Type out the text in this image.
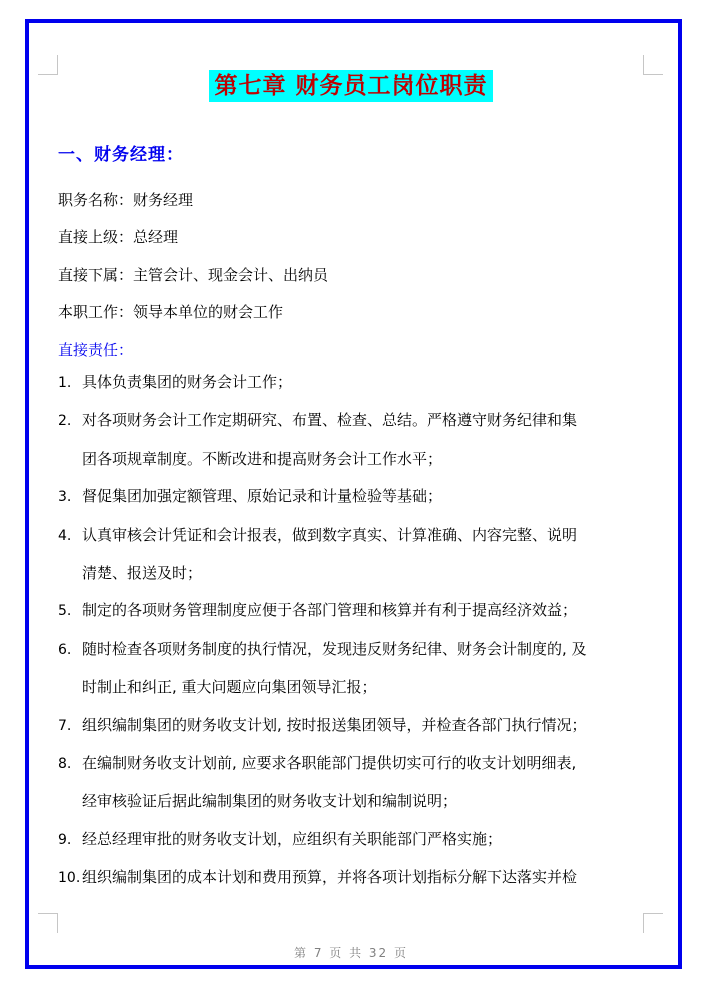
第七章 财务员工岗位职责
一、财务经理：
职务名称：财务经理
直接上级：总经理
直接下属：主管会计、现金会计、出纳员
本职工作：领导本单位的财会工作
直接责任：
1. 具体负责集团的财务会计工作；
2. 对各项财务会计工作定期研究、布置、检查、总结。严格遵守财务纪律和集
团各项规章制度。不断改进和提高财务会计工作水平；
3. 督促集团加强定额管理、原始记录和计量检验等基础；
4. 认真审核会计凭证和会计报表，做到数字真实、计算准确、内容完整、说明
清楚、报送及时；
5. 制定的各项财务管理制度应便于各部门管理和核算并有利于提高经济效益；
6. 随时检查各项财务制度的执行情况，发现违反财务纪律、财务会计制度的, 及
时制止和纠正, 重大问题应向集团领导汇报；
7. 组织编制集团的财务收支计划, 按时报送集团领导，并检查各部门执行情况；
8. 在编制财务收支计划前, 应要求各职能部门提供切实可行的收支计划明细表,
经审核验证后据此编制集团的财务收支计划和编制说明；
9. 经总经理审批的财务收支计划，应组织有关职能部门严格实施；
10. 组织编制集团的成本计划和费用预算，并将各项计划指标分解下达落实并检
第 7 页 共 32 页
